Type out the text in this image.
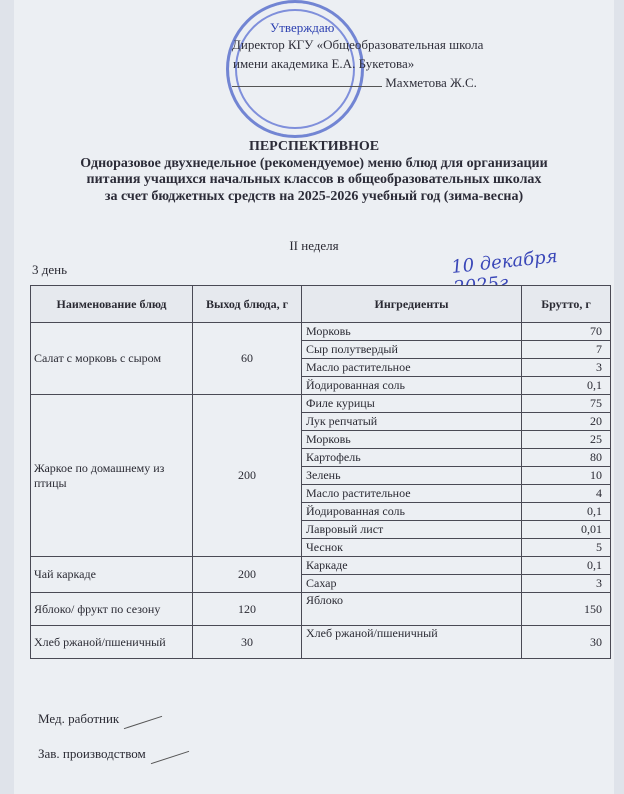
Утверждаю
Директор КГУ «Общеобразовательная школа
имени академика Е.А. Букетова»
Махметова Ж.С.
ПЕРСПЕКТИВНОЕ
Одноразовое двухнедельное (рекомендуемое) меню блюд для организации
питания учащихся начальных классов в общеобразовательных школах
за счет бюджетных средств на 2025-2026 учебный год (зима-весна)
II неделя
3 день	10 декабря
Наименование блюд	Выход блюда, г	Ингредиенты	Брутто, г
Салат с морковь с сыром	60	Морковь	70
		Сыр полутвердый	7
		Масло растительное	3
		Йодированная соль	0,1
Жаркое по домашнему из птицы	200	Филе курицы	75
		Лук репчатый	20
		Морковь	25
		Картофель	80
		Зелень	10
		Масло растительное	4
		Йодированная соль	0,1
		Лавровый лист	0,01
		Чеснок	5
Чай каркаде	200	Каркаде	0,1
		Сахар	3
Яблоко/ фрукт по сезону	120	Яблоко	150
Хлеб ржаной/пшеничный	30	Хлеб ржаной/пшеничный	30
Мед. работник
Зав. производством
